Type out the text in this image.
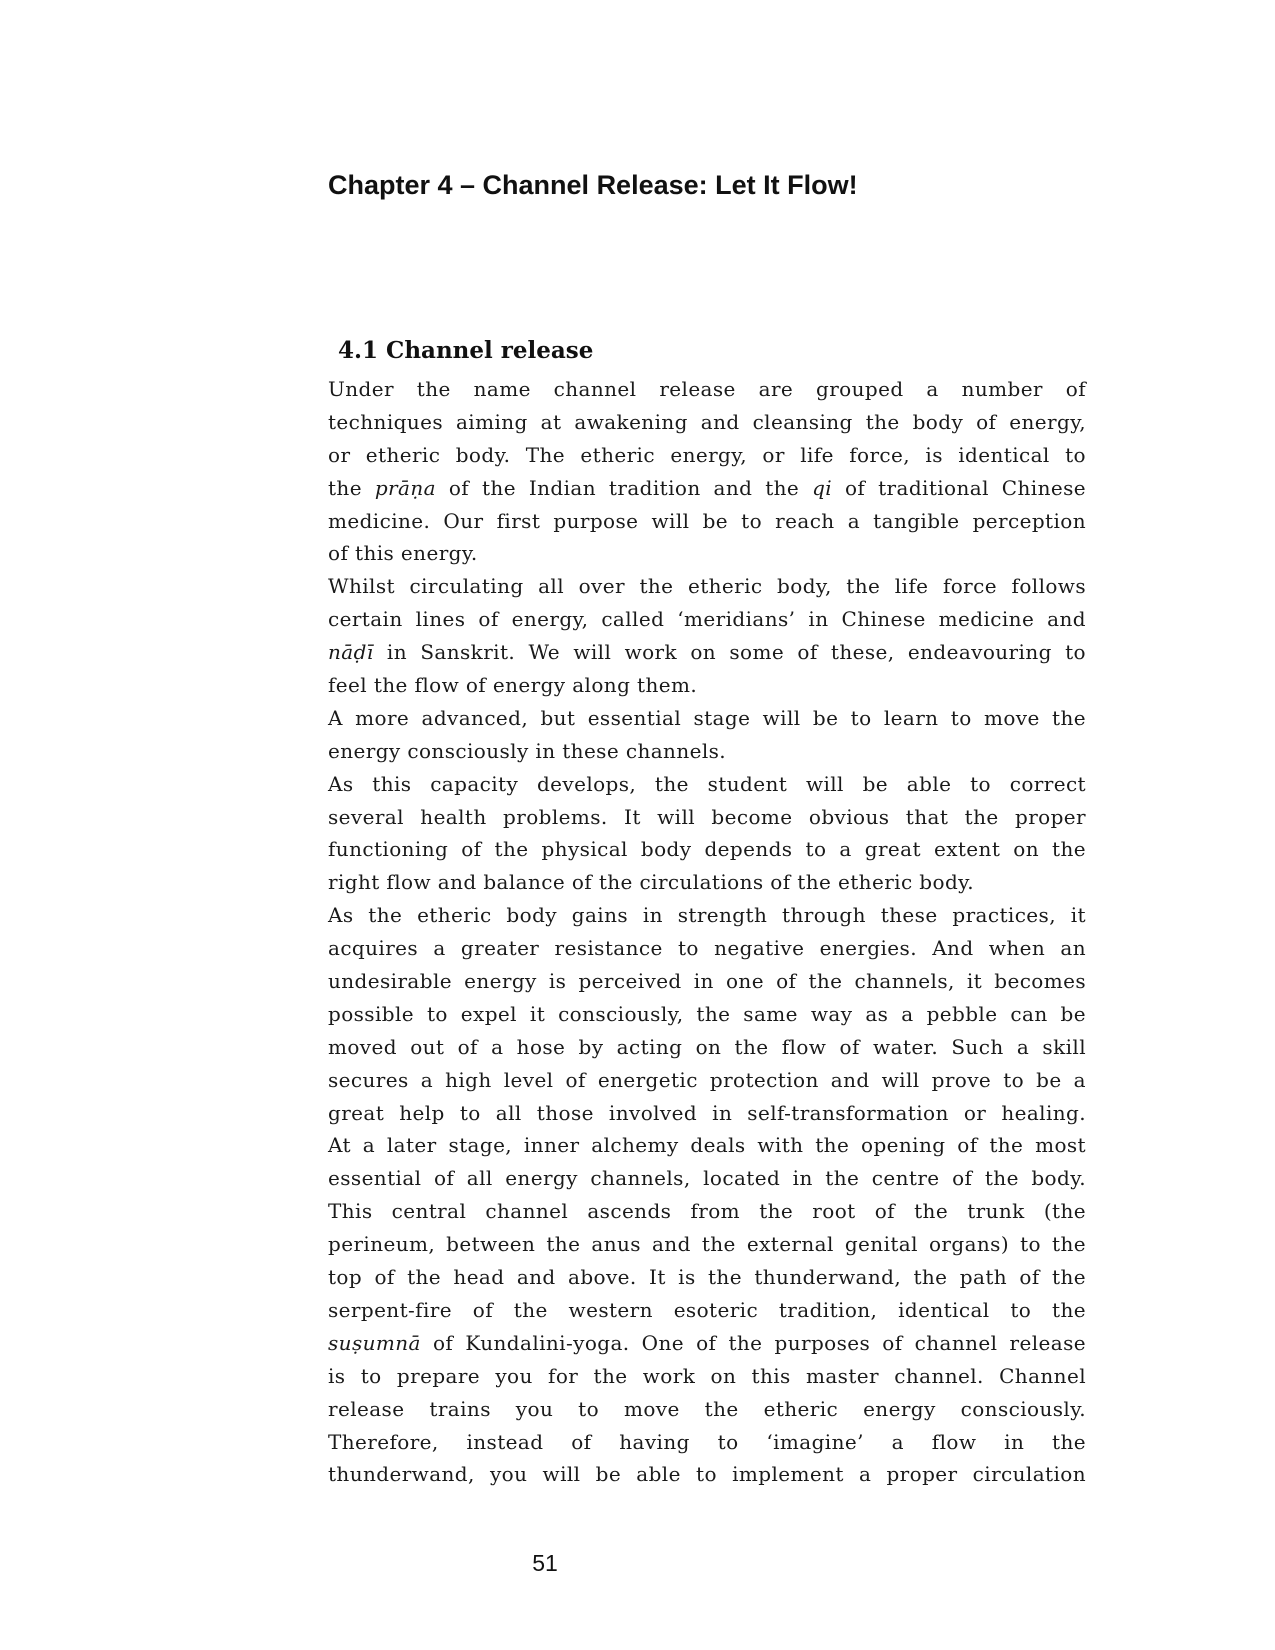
Chapter 4 – Channel Release: Let It Flow!
4.1 Channel release
Under the name channel release are grouped a number of
techniques aiming at awakening and cleansing the body of energy,
or etheric body. The etheric energy, or life force, is identical to
the prāṇa of the Indian tradition and the qi of traditional Chinese
medicine. Our first purpose will be to reach a tangible perception
of this energy.
Whilst circulating all over the etheric body, the life force follows
certain lines of energy, called ‘meridians’ in Chinese medicine and
nāḍī in Sanskrit. We will work on some of these, endeavouring to
feel the flow of energy along them.
A more advanced, but essential stage will be to learn to move the
energy consciously in these channels.
As this capacity develops, the student will be able to correct
several health problems. It will become obvious that the proper
functioning of the physical body depends to a great extent on the
right flow and balance of the circulations of the etheric body.
As the etheric body gains in strength through these practices, it
acquires a greater resistance to negative energies. And when an
undesirable energy is perceived in one of the channels, it becomes
possible to expel it consciously, the same way as a pebble can be
moved out of a hose by acting on the flow of water. Such a skill
secures a high level of energetic protection and will prove to be a
great help to all those involved in self-transformation or healing.
At a later stage, inner alchemy deals with the opening of the most
essential of all energy channels, located in the centre of the body.
This central channel ascends from the root of the trunk (the
perineum, between the anus and the external genital organs) to the
top of the head and above. It is the thunderwand, the path of the
serpent-fire of the western esoteric tradition, identical to the
suṣumnā of Kundalini-yoga. One of the purposes of channel release
is to prepare you for the work on this master channel. Channel
release trains you to move the etheric energy consciously.
Therefore, instead of having to ‘imagine’ a flow in the
thunderwand, you will be able to implement a proper circulation
51
